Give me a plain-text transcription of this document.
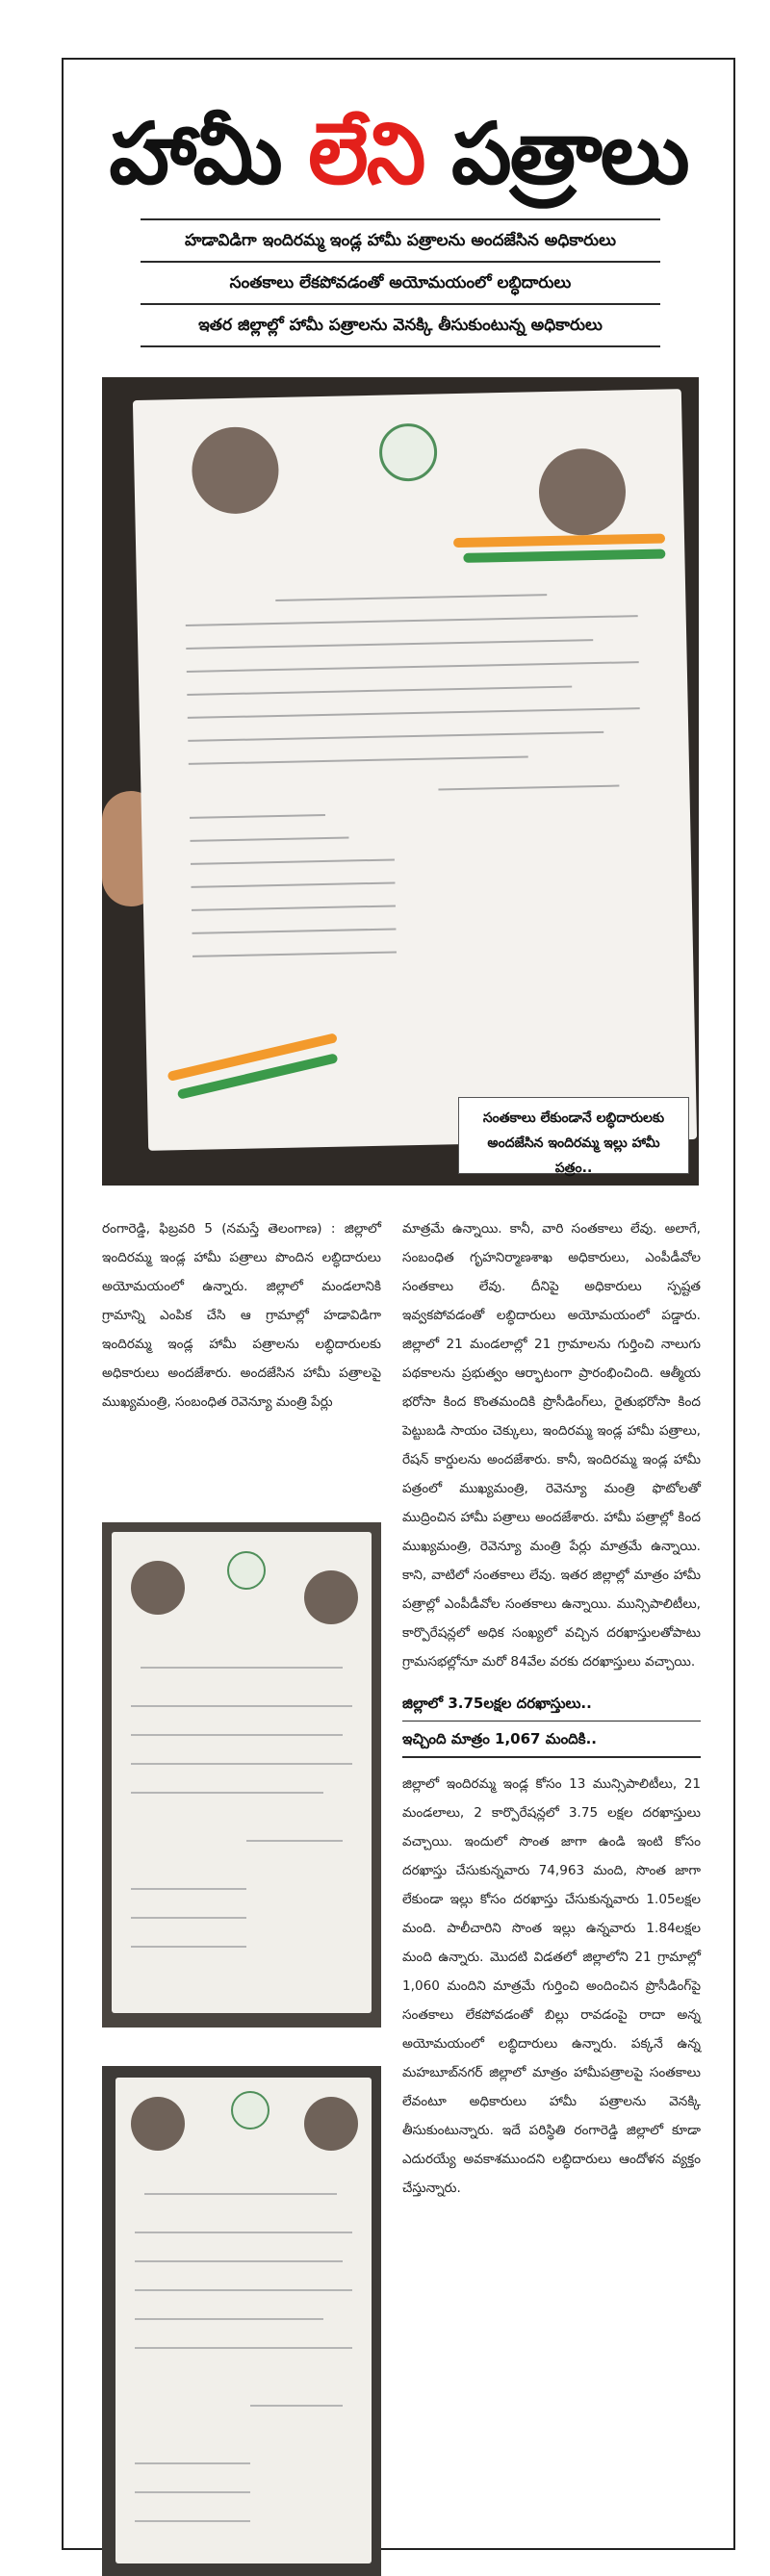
హామీ లేని పత్రాలు
హడావిడిగా ఇందిరమ్మ ఇండ్ల హామీ పత్రాలను అందజేసిన అధికారులు
సంతకాలు లేకపోవడంతో అయోమయంలో లబ్ధిదారులు
ఇతర జిల్లాల్లో హామీ పత్రాలను వెనక్కి తీసుకుంటున్న అధికారులు
సంతకాలు లేకుండానే లబ్ధిదారులకు అందజేసిన ఇందిరమ్మ ఇల్లు హామీ పత్రం..

రంగారెడ్డి, ఫిబ్రవరి 5 (నమస్తే తెలంగాణ) : జిల్లాలో ఇందిరమ్మ ఇండ్ల హామీ పత్రాలు పొందిన లబ్ధిదారులు అయోమయంలో ఉన్నారు. జిల్లాలో మండలానికి గ్రామాన్ని ఎంపిక చేసి ఆ గ్రామాల్లో హడావిడిగా ఇందిరమ్మ ఇండ్ల హామీ పత్రాలను లబ్ధిదారులకు అధికారులు అందజేశారు. అందజేసిన హామీ పత్రాలపై ముఖ్యమంత్రి, సంబంధిత రెవెన్యూ మంత్రి పేర్లు

మాత్రమే ఉన్నాయి. కానీ, వారి సంతకాలు లేవు. అలాగే, సంబంధిత గృహనిర్మాణశాఖ అధికారులు, ఎంపీడీవోల సంతకాలు లేవు. దీనిపై అధికారులు స్పష్టత ఇవ్వకపోవడంతో లబ్ధిదారులు అయోమయంలో పడ్డారు. జిల్లాలో 21 మండలాల్లో 21 గ్రామాలను గుర్తించి నాలుగు పథకాలను ప్రభుత్వం ఆర్భాటంగా ప్రారంభించింది. ఆత్మీయ భరోసా కింద కొంతమందికి ప్రొసీడింగ్‌లు, రైతుభరోసా కింద పెట్టుబడి సాయం చెక్కులు, ఇందిరమ్మ ఇండ్ల హామీ పత్రాలు, రేషన్ కార్డులను అందజేశారు. కానీ, ఇందిరమ్మ ఇండ్ల హామీ పత్రంలో ముఖ్యమంత్రి, రెవెన్యూ మంత్రి ఫొటోలతో ముద్రించిన హామీ పత్రాలు అందజేశారు. హామీ పత్రాల్లో కింద ముఖ్యమంత్రి, రెవెన్యూ మంత్రి పేర్లు మాత్రమే ఉన్నాయి. కాని, వాటిలో సంతకాలు లేవు. ఇతర జిల్లాల్లో మాత్రం హామీ పత్రాల్లో ఎంపీడీవోల సంతకాలు ఉన్నాయి. మున్సిపాలిటీలు, కార్పొరేషన్లలో అధిక సంఖ్యలో వచ్చిన దరఖాస్తులతోపాటు గ్రామసభల్లోనూ మరో 84వేల వరకు దరఖాస్తులు వచ్చాయి.

జిల్లాలో 3.75లక్షల దరఖాస్తులు..
ఇచ్చింది మాత్రం 1,067 మందికి..

జిల్లాలో ఇందిరమ్మ ఇండ్ల కోసం 13 మున్సిపాలిటీలు, 21 మండలాలు, 2 కార్పొరేషన్లలో 3.75 లక్షల దరఖాస్తులు వచ్చాయి. ఇందులో సొంత జాగా ఉండి ఇంటి కోసం దరఖాస్తు చేసుకున్నవారు 74,963 మంది, సొంత జాగా లేకుండా ఇల్లు కోసం దరఖాస్తు చేసుకున్నవారు 1.05లక్షల మంది. పాలీచారిని సొంత ఇల్లు ఉన్నవారు 1.84లక్షల మంది ఉన్నారు. మొదటి విడతలో జిల్లాలోని 21 గ్రామాల్లో 1,060 మందిని మాత్రమే గుర్తించి అందించిన ప్రొసీడింగ్‌పై సంతకాలు లేకపోవడంతో బిల్లు రావడంపై రాదా అన్న అయోమయంలో లబ్ధిదారులు ఉన్నారు. పక్కనే ఉన్న మహబూబ్‌నగర్ జిల్లాలో మాత్రం హామీపత్రాలపై సంతకాలు లేవంటూ అధికారులు హామీ పత్రాలను వెనక్కి తీసుకుంటున్నారు. ఇదే పరిస్థితి రంగారెడ్డి జిల్లాలో కూడా ఎదురయ్యే అవకాశముందని లబ్ధిదారులు ఆందోళన వ్యక్తం చేస్తున్నారు.
